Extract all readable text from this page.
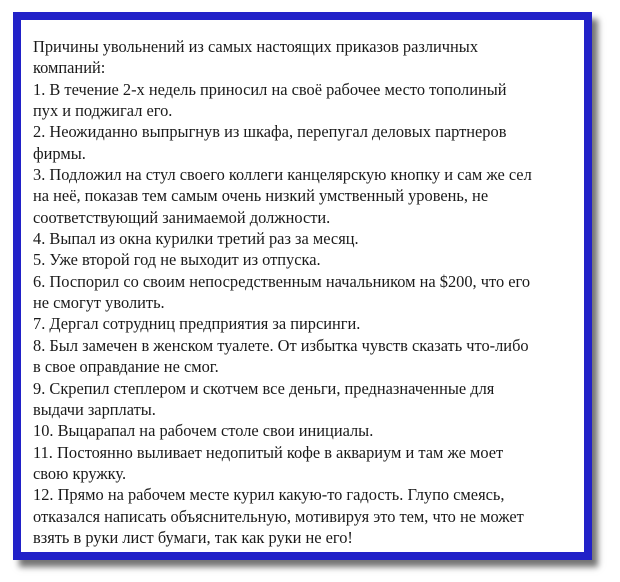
Причины увольнений из самых настоящих приказов различных
компаний:
1. В течение 2-х недель приносил на своё рабочее место тополиный
пух и поджигал его.
2. Неожиданно выпрыгнув из шкафа, перепугал деловых партнеров
фирмы.
3. Подложил на стул своего коллеги канцелярскую кнопку и сам же сел
на неё, показав тем самым очень низкий умственный уровень, не
соответствующий занимаемой должности.
4. Выпал из окна курилки третий раз за месяц.
5. Уже второй год не выходит из отпуска.
6. Поспорил со своим непосредственным начальником на $200, что его
не смогут уволить.
7. Дергал сотрудниц предприятия за пирсинги.
8. Был замечен в женском туалете. От избытка чувств сказать что-либо
в свое оправдание не смог.
9. Скрепил степлером и скотчем все деньги, предназначенные для
выдачи зарплаты.
10. Выцарапал на рабочем столе свои инициалы.
11. Постоянно выливает недопитый кофе в аквариум и там же моет
свою кружку.
12. Прямо на рабочем месте курил какую-то гадость. Глупо смеясь,
отказался написать объяснительную, мотивируя это тем, что не может
взять в руки лист бумаги, так как руки не его!
